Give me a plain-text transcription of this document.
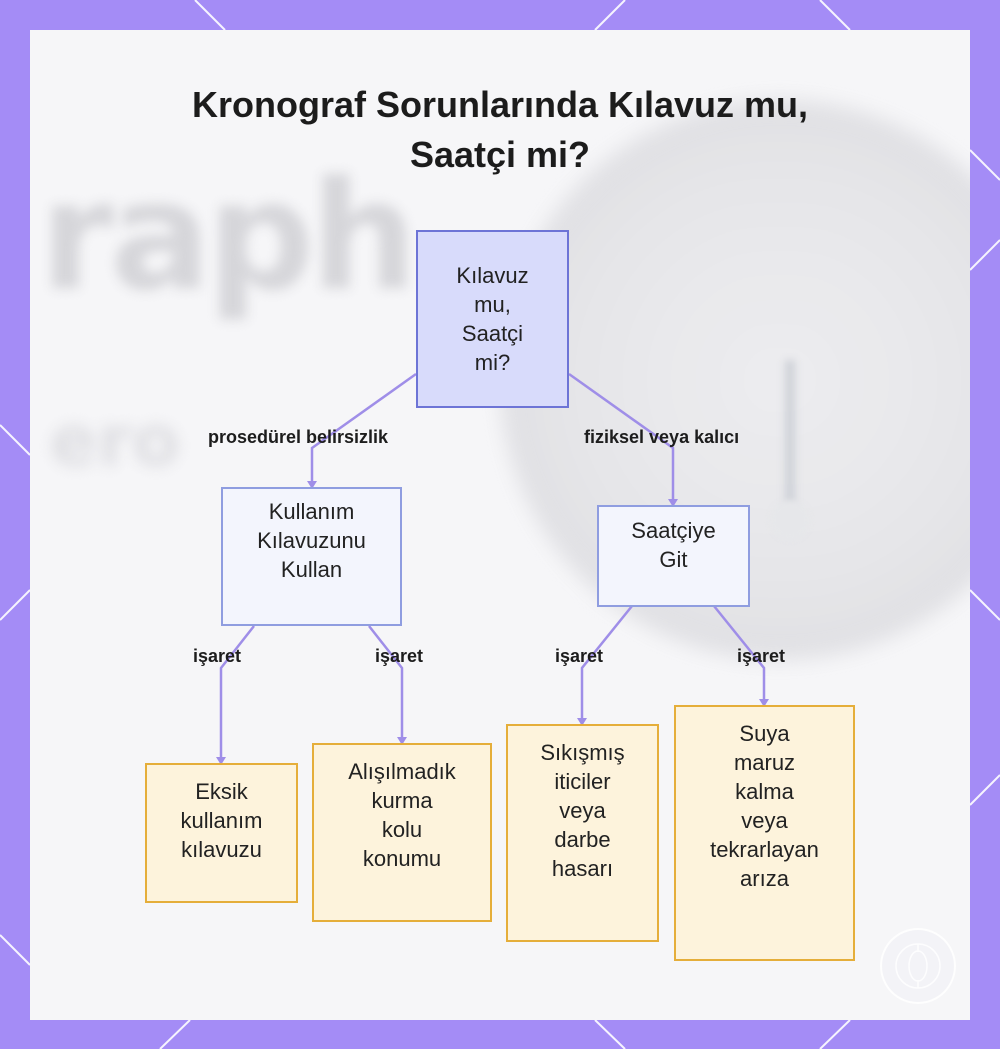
raph
ero
Kronograf Sorunlarında Kılavuz mu,
Saatçi mi?
prosedürel belirsizlik	fiziksel veya kalıcı
işaret	işaret	işaret	işaret
Kılavuz
mu,
Saatçi
mi?
Kullanım
Kılavuzunu
Kullan
Saatçiye
Git
Eksik
kullanım
kılavuzu
Alışılmadık
kurma
kolu
konumu
Sıkışmış
iticiler
veya
darbe
hasarı
Suya
maruz
kalma
veya
tekrarlayan
arıza
